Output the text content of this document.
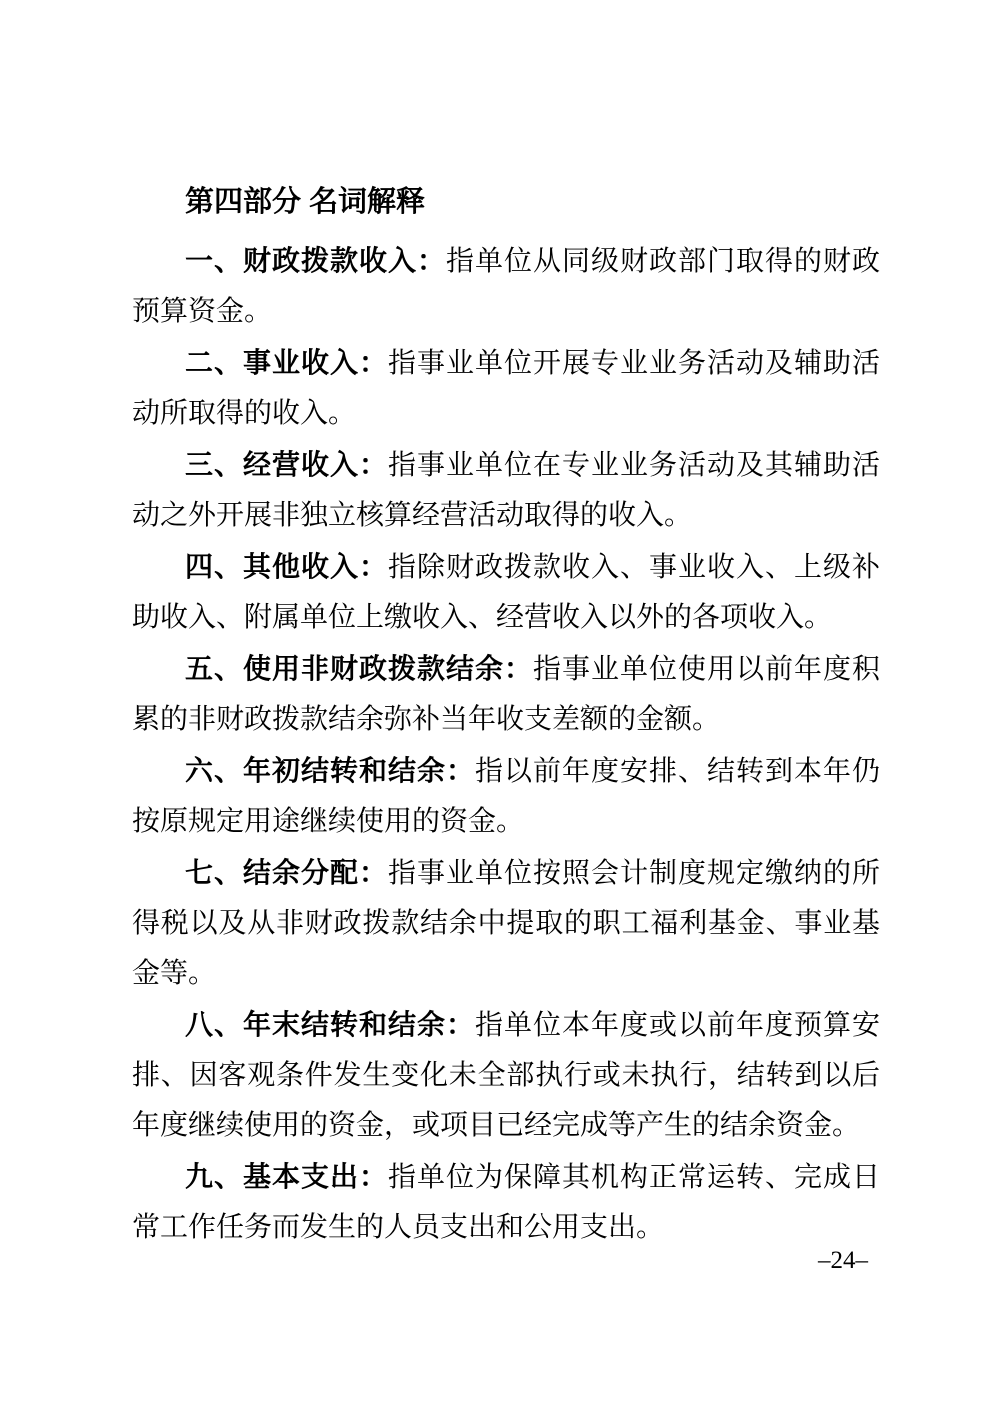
第四部分 名词解释

一、财政拨款收入：指单位从同级财政部门取得的财政预算资金。

二、事业收入：指事业单位开展专业业务活动及辅助活动所取得的收入。

三、经营收入：指事业单位在专业业务活动及其辅助活动之外开展非独立核算经营活动取得的收入。

四、其他收入：指除财政拨款收入、事业收入、上级补助收入、附属单位上缴收入、经营收入以外的各项收入。

五、使用非财政拨款结余：指事业单位使用以前年度积累的非财政拨款结余弥补当年收支差额的金额。

六、年初结转和结余：指以前年度安排、结转到本年仍按原规定用途继续使用的资金。

七、结余分配：指事业单位按照会计制度规定缴纳的所得税以及从非财政拨款结余中提取的职工福利基金、事业基金等。

八、年末结转和结余：指单位本年度或以前年度预算安排、因客观条件发生变化未全部执行或未执行，结转到以后年度继续使用的资金，或项目已经完成等产生的结余资金。

九、基本支出：指单位为保障其机构正常运转、完成日常工作任务而发生的人员支出和公用支出。

–24–
